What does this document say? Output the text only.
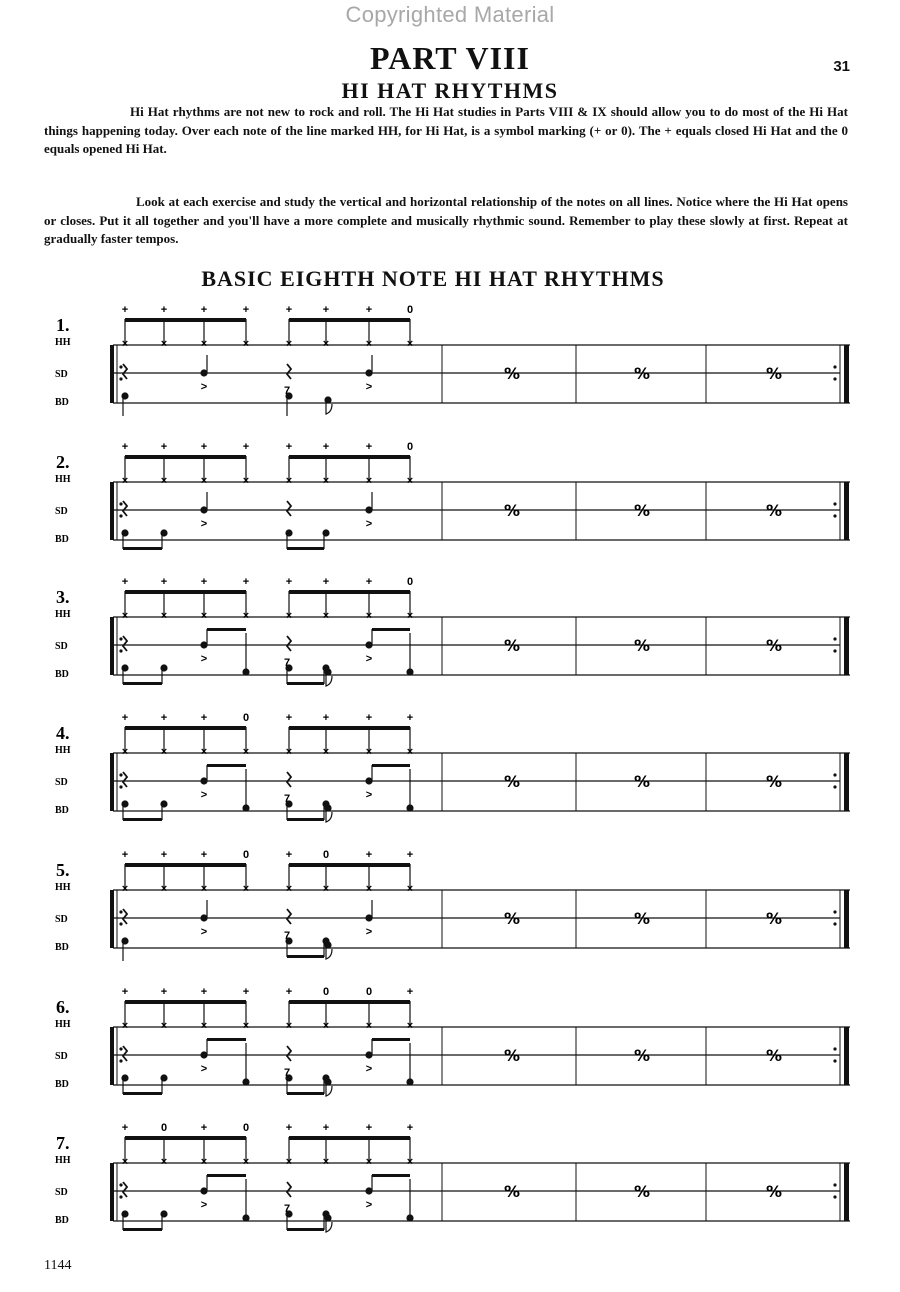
Copyrighted Material
31
PART VIII
HI HAT RHYTHMS

Hi Hat rhythms are not new to rock and roll. The Hi Hat studies in Parts VIII & IX should allow you to do most of the Hi Hat things happening today. Over each note of the line marked HH, for Hi Hat, is a symbol marking (+ or 0). The + equals closed Hi Hat and the 0 equals opened Hi Hat.

Look at each exercise and study the vertical and horizontal relationship of the notes on all lines. Notice where the Hi Hat opens or closes. Put it all together and you'll have a more complete and musically rhythmic sound. Remember to play these slowly at first. Repeat at gradually faster tempos.

BASIC EIGHTH NOTE HI HAT RHYTHMS
1.
HH
SD
BD
%	%	%
+
×
+
×
+
×
+
×
+
×
+
×
+
×
0
×
>	>
7
2.
HH
SD
BD
%	%	%
+
×
+
×
+
×
+
×
+
×
+
×
+
×
0
×
>	>
3.
HH
SD
BD
%	%	%
+
×
+
×
+
×
+
×
+
×
+
×
+
×
0
×
>	>
7
4.
HH
SD
BD
%	%	%
+
×
+
×
+
×
0
×
+
×
+
×
+
×
+
×
>	>
7
5.
HH
SD
BD
%	%	%
+
×
+
×
+
×
0
×
+
×
0
×
+
×
+
×
>	>
7
6.
HH
SD
BD
%	%	%
+
×
+
×
+
×
+
×
+
×
0
×
0
×
+
×
>	>
7
7.
HH
SD
BD
%	%	%
+
×
0
×
+
×
0
×
+
×
+
×
+
×
+
×
>	>
7
1144
